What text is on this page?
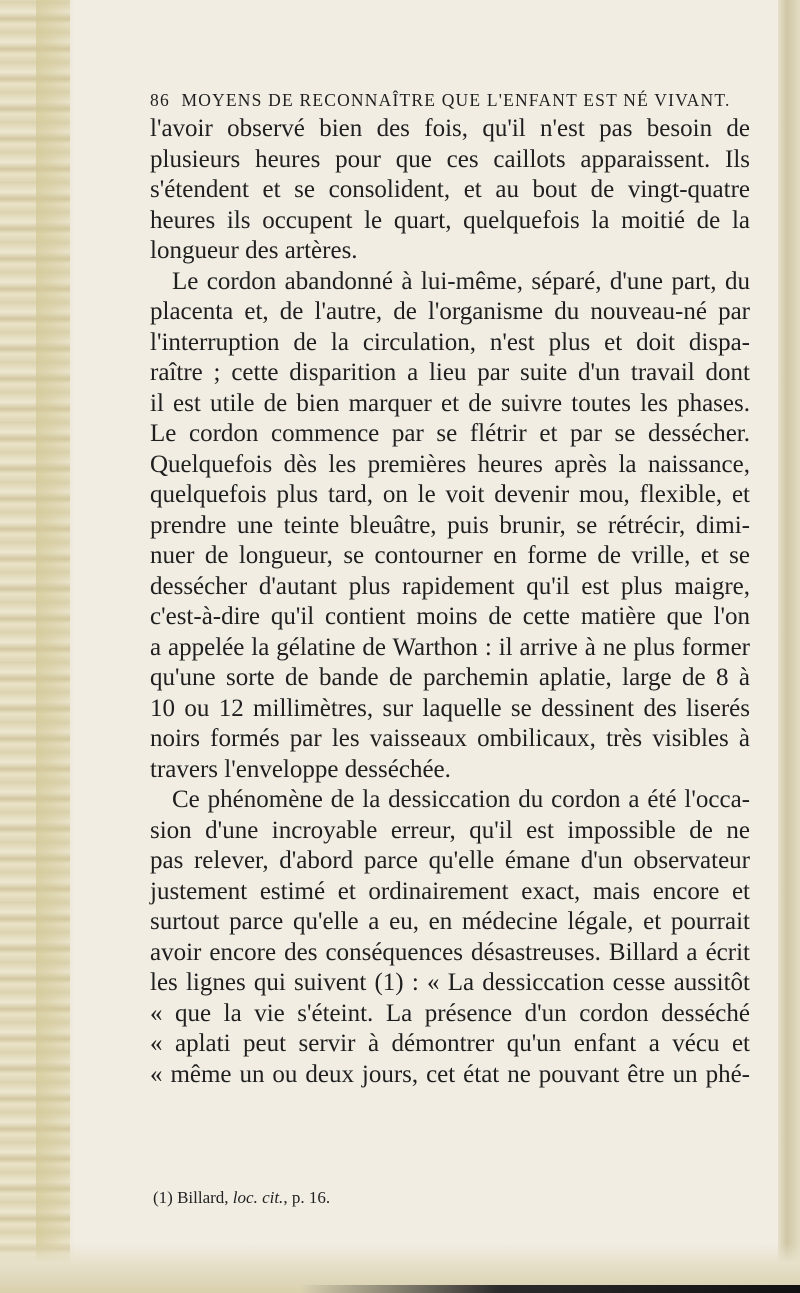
86 MOYENS DE RECONNAÎTRE QUE L'ENFANT EST NÉ VIVANT.
l'avoir observé bien des fois, qu'il n'est pas besoin de
plusieurs heures pour que ces caillots apparaissent. Ils
s'étendent et se consolident, et au bout de vingt-quatre
heures ils occupent le quart, quelquefois la moitié de la
longueur des artères.
Le cordon abandonné à lui-même, séparé, d'une part, du
placenta et, de l'autre, de l'organisme du nouveau-né par
l'interruption de la circulation, n'est plus et doit dispa-
raître ; cette disparition a lieu par suite d'un travail dont
il est utile de bien marquer et de suivre toutes les phases.
Le cordon commence par se flétrir et par se dessécher.
Quelquefois dès les premières heures après la naissance,
quelquefois plus tard, on le voit devenir mou, flexible, et
prendre une teinte bleuâtre, puis brunir, se rétrécir, dimi-
nuer de longueur, se contourner en forme de vrille, et se
dessécher d'autant plus rapidement qu'il est plus maigre,
c'est-à-dire qu'il contient moins de cette matière que l'on
a appelée la gélatine de Warthon : il arrive à ne plus former
qu'une sorte de bande de parchemin aplatie, large de 8 à
10 ou 12 millimètres, sur laquelle se dessinent des liserés
noirs formés par les vaisseaux ombilicaux, très visibles à
travers l'enveloppe desséchée.
Ce phénomène de la dessiccation du cordon a été l'occa-
sion d'une incroyable erreur, qu'il est impossible de ne
pas relever, d'abord parce qu'elle émane d'un observateur
justement estimé et ordinairement exact, mais encore et
surtout parce qu'elle a eu, en médecine légale, et pourrait
avoir encore des conséquences désastreuses. Billard a écrit
les lignes qui suivent (1) : « La dessiccation cesse aussitôt
« que la vie s'éteint. La présence d'un cordon desséché
« aplati peut servir à démontrer qu'un enfant a vécu et
« même un ou deux jours, cet état ne pouvant être un phé-
(1) Billard, loc. cit., p. 16.
